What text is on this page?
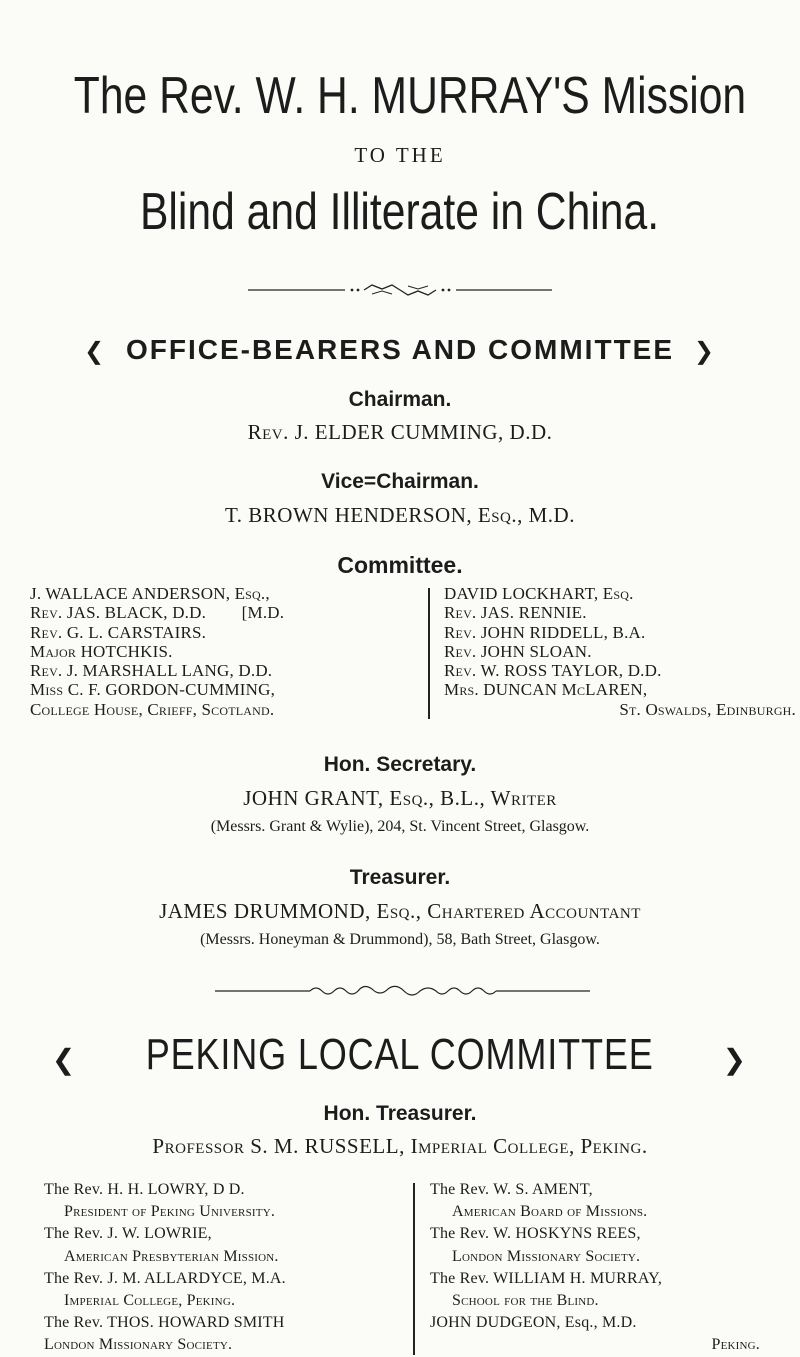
The Rev. W. H. MURRAY'S Mission
TO THE
Blind and Illiterate in China.
❮ OFFICE-BEARERS AND COMMITTEE ❯
Chairman.
Rev. J. ELDER CUMMING, D.D.
Vice=Chairman.
T. BROWN HENDERSON, Esq., M.D.
Committee.
J. WALLACE ANDERSON, Esq.,
Rev. JAS. BLACK, D.D.        [M.D.
Rev. G. L. CARSTAIRS.
Major HOTCHKIS.
Rev. J. MARSHALL LANG, D.D.
Miss C. F. GORDON-CUMMING,
College House, Crieff, Scotland.
DAVID LOCKHART, Esq.
Rev. JAS. RENNIE.
Rev. JOHN RIDDELL, B.A.
Rev. JOHN SLOAN.
Rev. W. ROSS TAYLOR, D.D.
Mrs. DUNCAN McLAREN,
St. Oswalds, Edinburgh.
Hon. Secretary.
JOHN GRANT, Esq., B.L., Writer
(Messrs. Grant & Wylie), 204, St. Vincent Street, Glasgow.
Treasurer.
JAMES DRUMMOND, Esq., Chartered Accountant
(Messrs. Honeyman & Drummond), 58, Bath Street, Glasgow.
❮ PEKING LOCAL COMMITTEE ❯
Hon. Treasurer.
Professor S. M. RUSSELL, Imperial College, Peking.
The Rev. H. H. LOWRY, D D.
President of Peking University.
The Rev. J. W. LOWRIE,
American Presbyterian Mission.
The Rev. J. M. ALLARDYCE, M.A.
Imperial College, Peking.
The Rev. THOS. HOWARD SMITH
London Missionary Society.
The Rev. W. S. AMENT,
American Board of Missions.
The Rev. W. HOSKYNS REES,
London Missionary Society.
The Rev. WILLIAM H. MURRAY,
School for the Blind.
JOHN DUDGEON, Esq., M.D.
Peking.
